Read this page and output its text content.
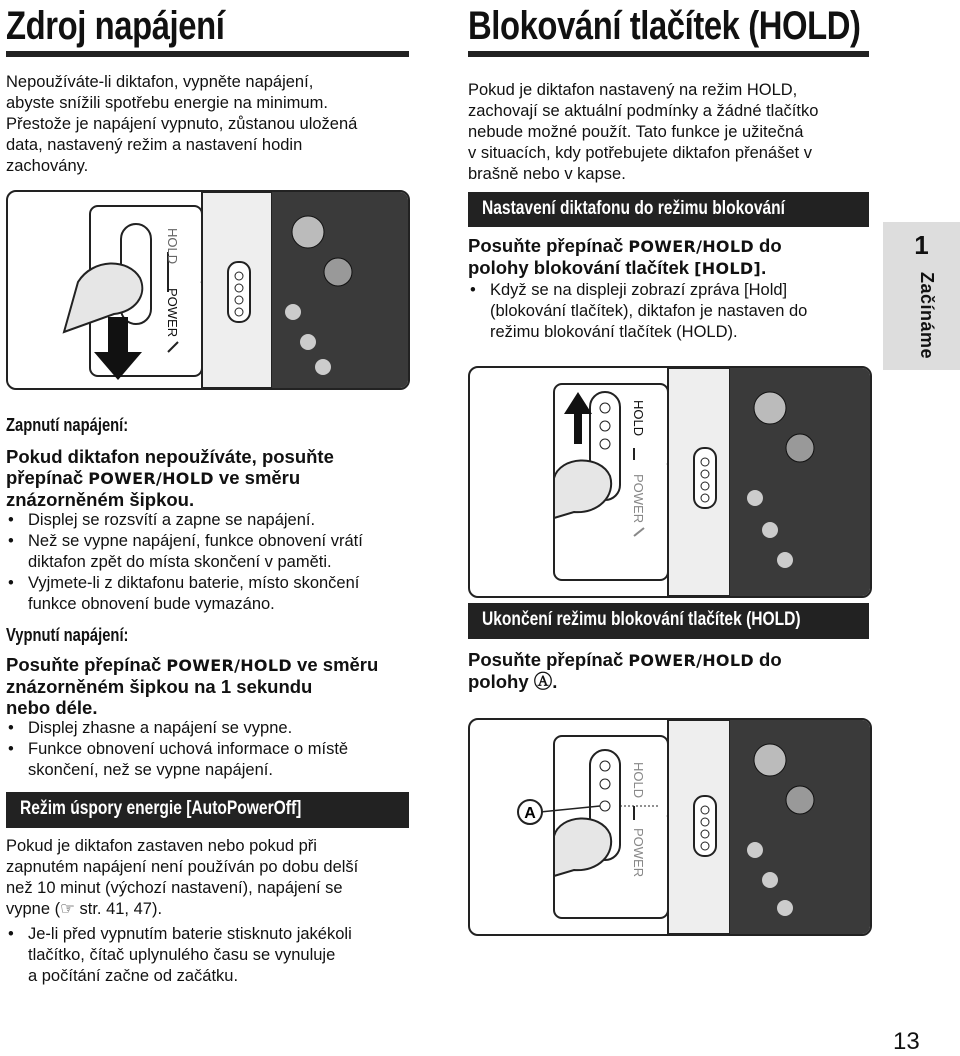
Zdroj napájení
Nepoužíváte-li diktafon, vypněte napájení,
abyste snížili spotřebu energie na minimum.
Přestože je napájení vypnuto, zůstanou uložená
data, nastavený režim a nastavení hodin
zachovány.
HOLD
POWER
Zapnutí napájení:
Pokud diktafon nepoužíváte, posuňte
přepínač POWER/HOLD ve směru
znázorněném šipkou.
• Displej se rozsvítí a zapne se napájení.
• Než se vypne napájení, funkce obnovení vrátí
diktafon zpět do místa skončení v paměti.
• Vyjmete-li z diktafonu baterie, místo skončení
funkce obnovení bude vymazáno.
Vypnutí napájení:
Posuňte přepínač POWER/HOLD ve směru
znázorněném šipkou na 1 sekundu
nebo déle.
• Displej zhasne a napájení se vypne.
• Funkce obnovení uchová informace o místě
skončení, než se vypne napájení.
Režim úspory energie [AutoPowerOff]
Pokud je diktafon zastaven nebo pokud při
zapnutém napájení není používán po dobu delší
než 10 minut (výchozí nastavení), napájení se
vypne (☞ str. 41, 47).
• Je-li před vypnutím baterie stisknuto jakékoli
tlačítko, čítač uplynulého času se vynuluje
a počítání začne od začátku.
Blokování tlačítek (HOLD)
Pokud je diktafon nastavený na režim HOLD,
zachovají se aktuální podmínky a žádné tlačítko
nebude možné použít. Tato funkce je užitečná
v situacích, kdy potřebujete diktafon přenášet v
brašně nebo v kapse.
Nastavení diktafonu do režimu blokování
Posuňte přepínač POWER/HOLD do
polohy blokování tlačítek [HOLD].
• Když se na displeji zobrazí zpráva [Hold]
(blokování tlačítek), diktafon je nastaven do
režimu blokování tlačítek (HOLD).
HOLD
POWER
Ukončení režimu blokování tlačítek (HOLD)
Posuňte přepínač POWER/HOLD do
polohy Ⓐ.
A
HOLD
POWER
1
Začínáme
13
